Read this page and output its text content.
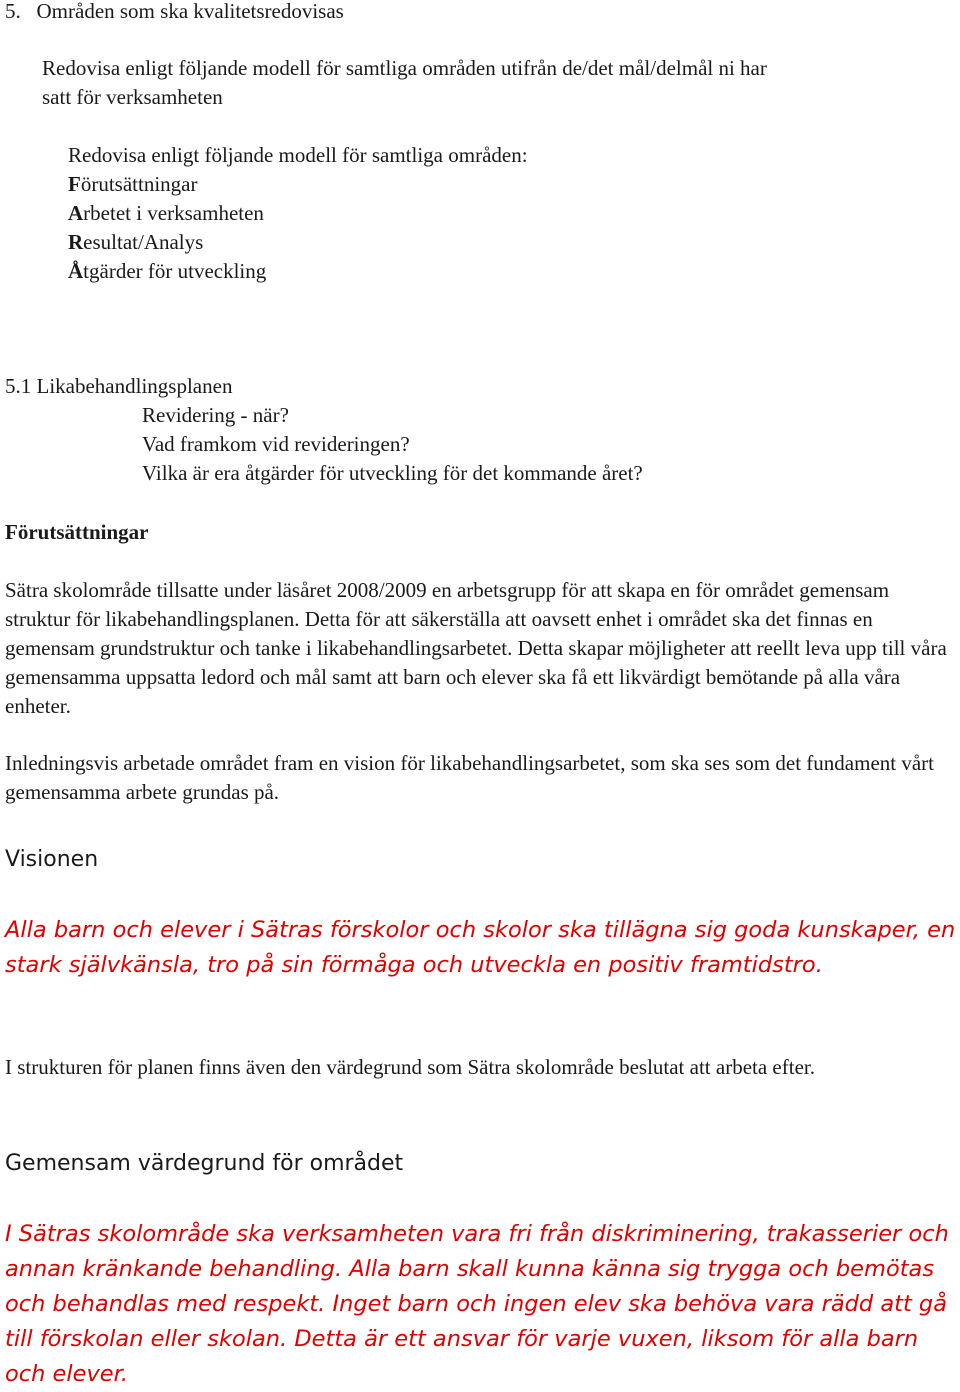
5. Områden som ska kvalitetsredovisas

Redovisa enligt följande modell för samtliga områden utifrån de/det mål/delmål ni har

satt för verksamheten

Redovisa enligt följande modell för samtliga områden:

Förutsättningar

Arbetet i verksamheten

Resultat/Analys

Åtgärder för utveckling

5.1 Likabehandlingsplanen

Revidering - när?

Vad framkom vid revideringen?

Vilka är era åtgärder för utveckling för det kommande året?

Förutsättningar

Sätra skolområde tillsatte under läsåret 2008/2009 en arbetsgrupp för att skapa en för området gemensam struktur för likabehandlingsplanen. Detta för att säkerställa att oavsett enhet i området ska det finnas en gemensam grundstruktur och tanke i likabehandlingsarbetet. Detta skapar möjligheter att reellt leva upp till våra gemensamma uppsatta ledord och mål samt att barn och elever ska få ett likvärdigt bemötande på alla våra enheter.

Inledningsvis arbetade området fram en vision för likabehandlingsarbetet, som ska ses som det fundament vårt gemensamma arbete grundas på.

Visionen

Alla barn och elever i Sätras förskolor och skolor ska tillägna sig goda kunskaper, en stark självkänsla, tro på sin förmåga och utveckla en positiv framtidstro.

I strukturen för planen finns även den värdegrund som Sätra skolområde beslutat att arbeta efter.

Gemensam värdegrund för området

I Sätras skolområde ska verksamheten vara fri från diskriminering, trakasserier och annan kränkande behandling. Alla barn skall kunna känna sig trygga och bemötas och behandlas med respekt. Inget barn och ingen elev ska behöva vara rädd att gå till förskolan eller skolan. Detta är ett ansvar för varje vuxen, liksom för alla barn och elever.
